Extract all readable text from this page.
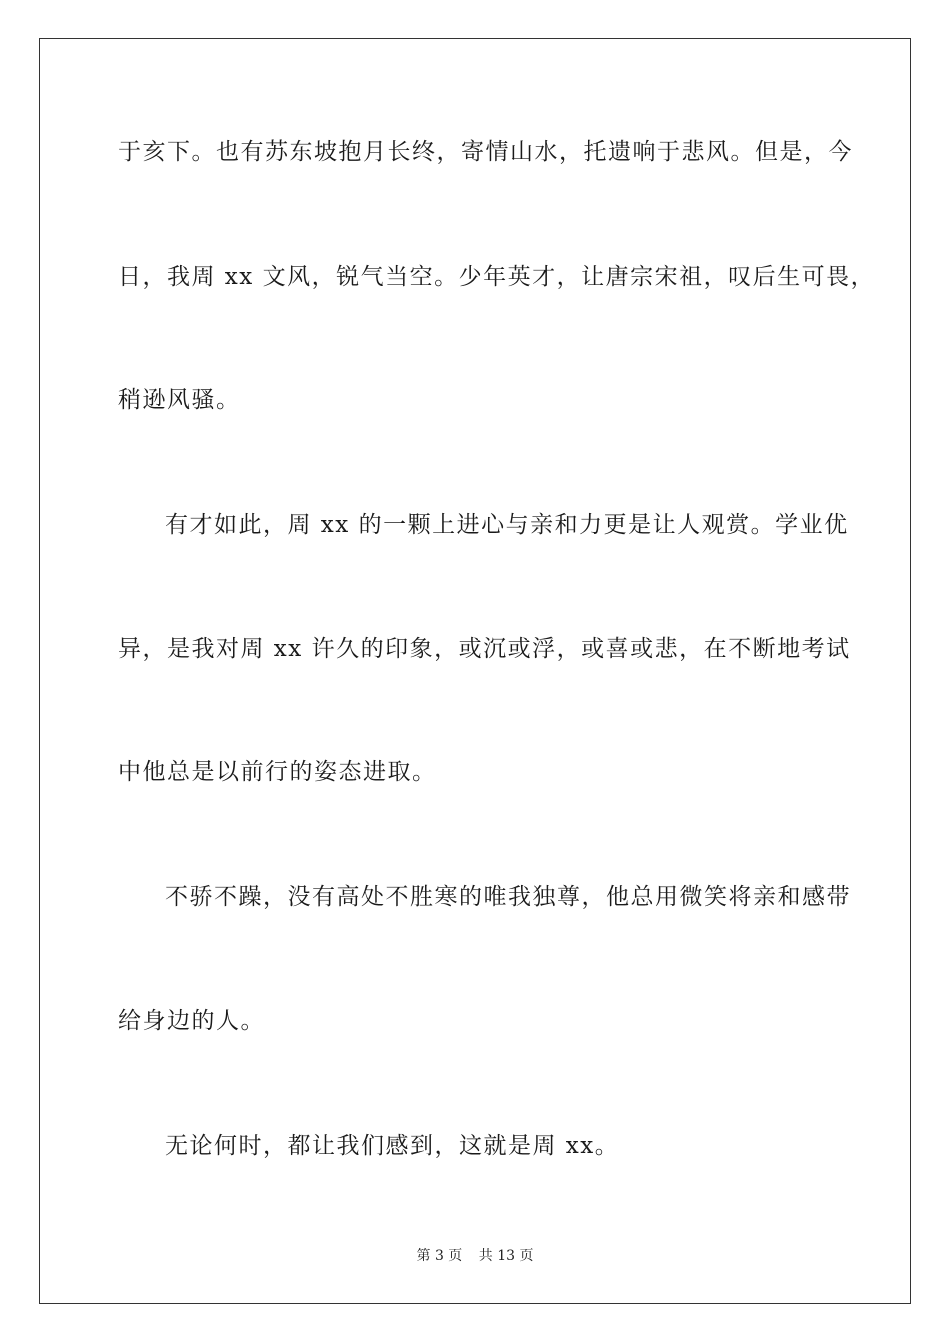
于亥下。也有苏东坡抱月长终，寄情山水，托遗响于悲风。但是，今
日，我周 xx 文风，锐气当空。少年英才，让唐宗宋祖，叹后生可畏，
稍逊风骚。
有才如此，周 xx 的一颗上进心与亲和力更是让人观赏。学业优
异，是我对周 xx 许久的印象，或沉或浮，或喜或悲，在不断地考试
中他总是以前行的姿态进取。
不骄不躁，没有高处不胜寒的唯我独尊，他总用微笑将亲和感带
给身边的人。
无论何时，都让我们感到，这就是周 xx。
第 3 页 共 13 页
